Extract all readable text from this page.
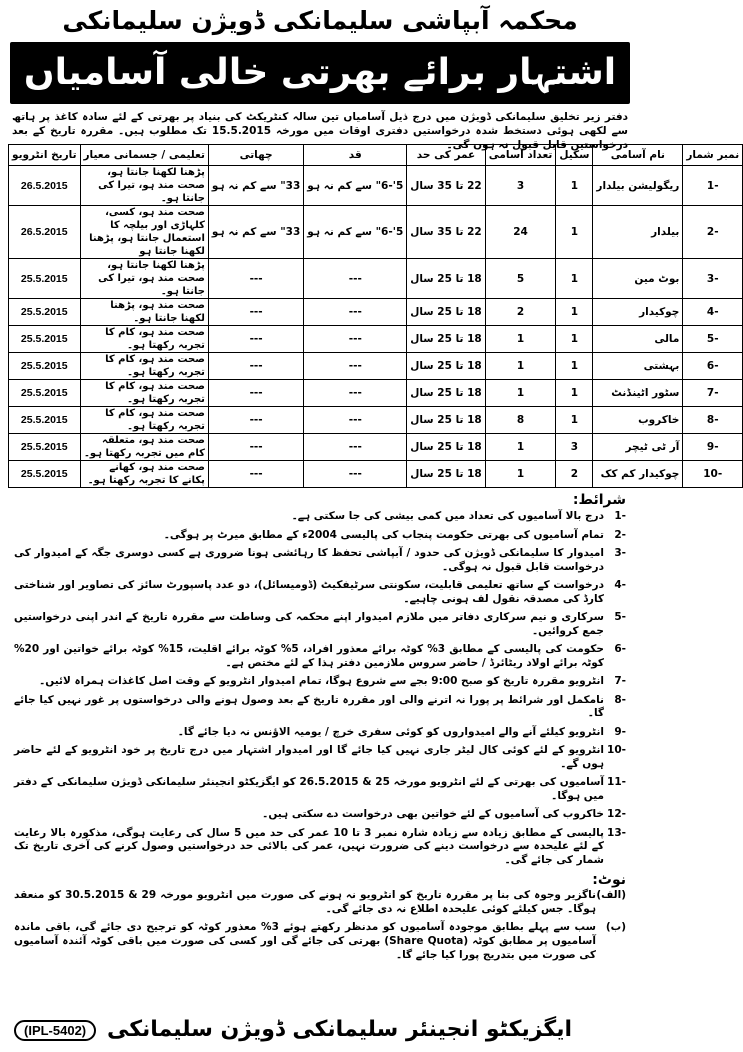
محکمہ آبپاشی سلیمانکی ڈویژن سلیمانکی
اشتہار برائے بھرتی خالی آسامیاں
دفتر زیر تخلیق سلیمانکی ڈویژن میں درج ذیل آسامیاں تین سالہ کنٹریکٹ کی بنیاد پر بھرتی کے لئے سادہ کاغذ پر ہاتھ سے لکھی ہوئی دستخط شدہ درخواستیں دفتری اوقات میں مورخہ 15.5.2015 تک مطلوب ہیں۔ مقررہ تاریخ کے بعد درخواستیں قابل قبول نہ ہوں گی۔
نمبر شمار	نام آسامی	سکیل	تعداد آسامی	عمر کی حد	قد	چھاتی	تعلیمی / جسمانی معیار	تاریخ انٹرویو
-1	ریگولیشن بیلدار	1	3	22 تا 35 سال	5'-6" سے کم نہ ہو	33" سے کم نہ ہو	پڑھنا لکھنا جانتا ہو، صحت مند ہو، تیرا کی جانتا ہو۔	26.5.2015
-2	بیلدار	1	24	22 تا 35 سال	5'-6" سے کم نہ ہو	33" سے کم نہ ہو	صحت مند ہو، کسی، کلہاڑی اور بیلچہ کا استعمال جانتا ہو، پڑھنا لکھنا جانتا ہو	26.5.2015
-3	بوٹ مین	1	5	18 تا 25 سال	---	---	پڑھنا لکھنا جانتا ہو، صحت مند ہو، تیرا کی جانتا ہو۔	25.5.2015
-4	چوکیدار	1	2	18 تا 25 سال	---	---	صحت مند ہو، پڑھنا لکھنا جانتا ہو۔	25.5.2015
-5	مالی	1	1	18 تا 25 سال	---	---	صحت مند ہو، کام کا تجربہ رکھتا ہو۔	25.5.2015
-6	بہشتی	1	1	18 تا 25 سال	---	---	صحت مند ہو، کام کا تجربہ رکھتا ہو۔	25.5.2015
-7	سٹور اٹینڈنٹ	1	1	18 تا 25 سال	---	---	صحت مند ہو، کام کا تجربہ رکھتا ہو۔	25.5.2015
-8	خاکروب	1	8	18 تا 25 سال	---	---	صحت مند ہو، کام کا تجربہ رکھتا ہو۔	25.5.2015
-9	آر ٹی ٹیچر	3	1	18 تا 25 سال	---	---	صحت مند ہو، متعلقہ کام میں تجربہ رکھتا ہو۔	25.5.2015
-10	چوکیدار کم کک	2	1	18 تا 25 سال	---	---	صحت مند ہو، کھانے پکانے کا تجربہ رکھتا ہو۔	25.5.2015
شرائط:
-1
درج بالا آسامیوں کی تعداد میں کمی بیشی کی جا سکتی ہے۔
-2
تمام آسامیوں کی بھرتی حکومت پنجاب کی پالیسی 2004ء کے مطابق میرٹ پر ہوگی۔
-3
امیدوار کا سلیمانکی ڈویژن کی حدود / آبپاشی تحفظ کا رہائشی ہونا ضروری ہے کسی دوسری جگہ کے امیدوار کی درخواست قابل قبول نہ ہوگی۔
-4
درخواست کے ساتھ تعلیمی قابلیت، سکونتی سرٹیفکیٹ (ڈومیسائل)، دو عدد پاسپورٹ سائز کی تصاویر اور شناختی کارڈ کی مصدقہ نقول لف ہونی چاہیے۔
-5
سرکاری و نیم سرکاری دفاتر میں ملازم امیدوار اپنے محکمہ کی وساطت سے مقررہ تاریخ کے اندر اپنی درخواستیں جمع کروائیں۔
-6
حکومت کی پالیسی کے مطابق 3% کوٹہ برائے معذور افراد، 5% کوٹہ برائے اقلیت، 15% کوٹہ برائے خواتین اور 20% کوٹہ برائے اولاد ریٹائرڈ / حاضر سروس ملازمین دفتر ہذا کے لئے مختص ہے۔
-7
انٹرویو مقررہ تاریخ کو صبح 9:00 بجے سے شروع ہوگا، تمام امیدوار انٹرویو کے وقت اصل کاغذات ہمراہ لائیں۔
-8
نامکمل اور شرائط پر پورا نہ اترنے والی اور مقررہ تاریخ کے بعد وصول ہونے والی درخواستوں پر غور نہیں کیا جائے گا۔
-9
انٹرویو کیلئے آنے والے امیدواروں کو کوئی سفری خرچ / یومیہ الاؤنس نہ دیا جائے گا۔
-10
انٹرویو کے لئے کوئی کال لیٹر جاری نہیں کیا جائے گا اور امیدوار اشتہار میں درج تاریخ پر خود انٹرویو کے لئے حاضر ہوں گے۔
-11
آسامیوں کی بھرتی کے لئے انٹرویو مورخہ 25 & 26.5.2015 کو ایگزیکٹو انجینئر سلیمانکی ڈویژن سلیمانکی کے دفتر میں ہوگا۔
-12
خاکروب کی آسامیوں کے لئے خواتین بھی درخواست دے سکتی ہیں۔
-13
پالیسی کے مطابق زیادہ سے زیادہ شارہ نمبر 3 تا 10 عمر کی حد میں 5 سال کی رعایت ہوگی، مذکورہ بالا رعایت کے لئے علیحدہ سے درخواست دینے کی ضرورت نہیں، عمر کی بالائی حد درخواستیں وصول کرنے کی آخری تاریخ تک شمار کی جائے گی۔
نوٹ:
(الف)
ناگزیر وجوہ کی بنا پر مقررہ تاریخ کو انٹرویو نہ ہونے کی صورت میں انٹرویو مورخہ 29 & 30.5.2015 کو منعقد ہوگا۔ جس کیلئے کوئی علیحدہ اطلاع نہ دی جائے گی۔
(ب)
سب سے پہلے بطابق موجودہ آسامیوں کو مدنظر رکھتے ہوئے 3% معذور کوٹہ کو ترجیح دی جائے گی، باقی ماندہ آسامیوں پر مطابق کوٹہ (Share Quota) بھرتی کی جائے گی اور کسی کی صورت میں باقی کوٹہ آئندہ آسامیوں کی صورت میں بتدریج پورا کیا جائے گا۔
(IPL-5402) ایگزیکٹو انجینئر سلیمانکی ڈویژن سلیمانکی
